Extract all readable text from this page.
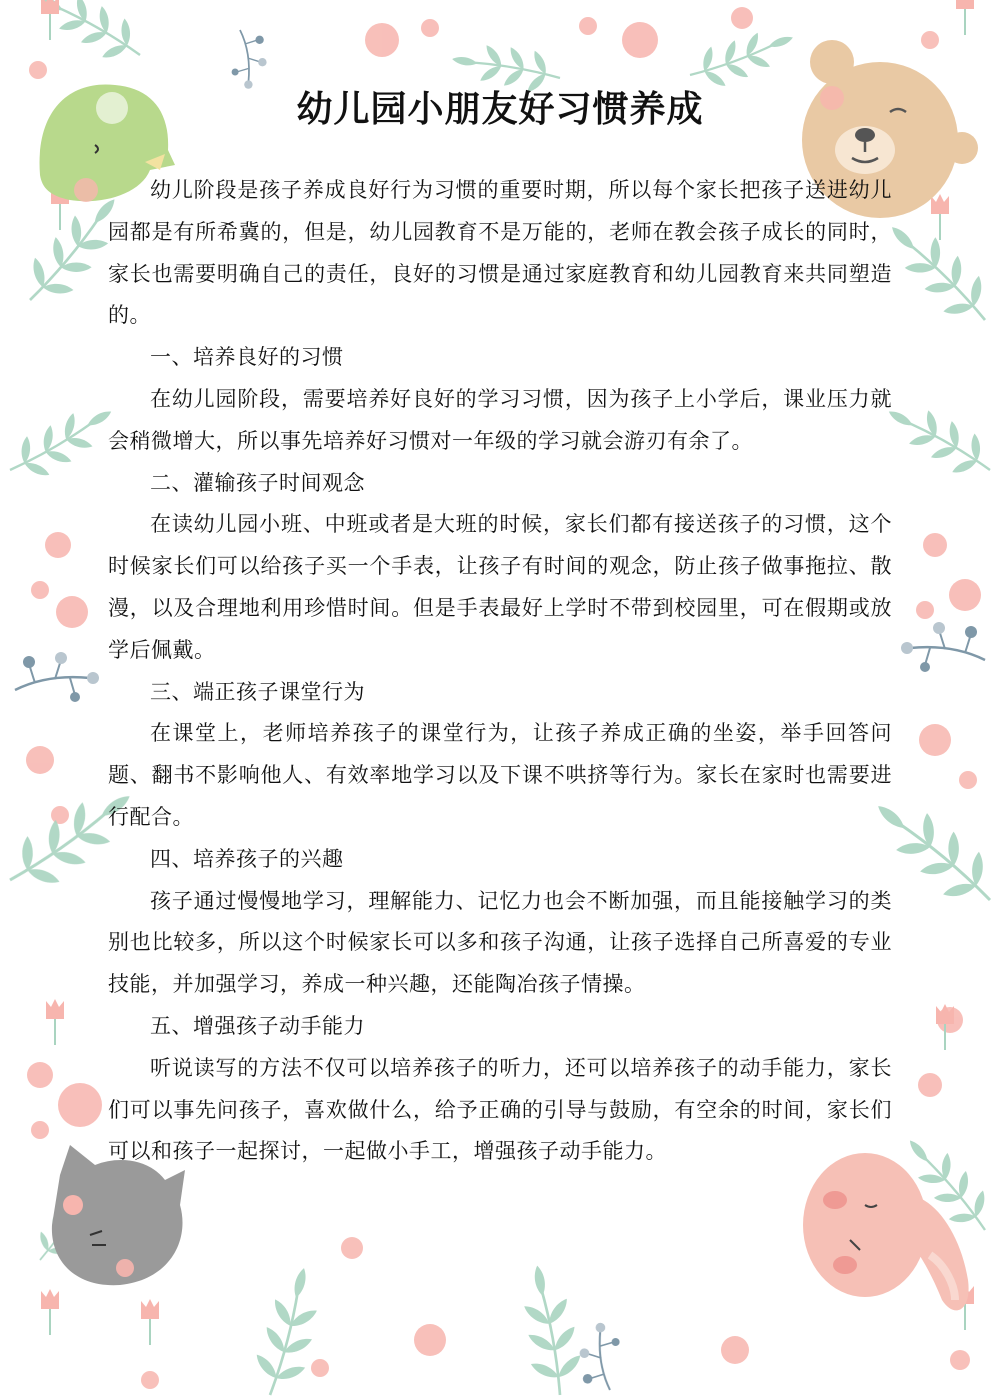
幼儿园小朋友好习惯养成

幼儿阶段是孩子养成良好行为习惯的重要时期，所以每个家长把孩子送进幼儿园都是有所希冀的，但是，幼儿园教育不是万能的，老师在教会孩子成长的同时，家长也需要明确自己的责任，良好的习惯是通过家庭教育和幼儿园教育来共同塑造的。

一、培养良好的习惯

在幼儿园阶段，需要培养好良好的学习习惯，因为孩子上小学后，课业压力就会稍微增大，所以事先培养好习惯对一年级的学习就会游刃有余了。

二、灌输孩子时间观念

在读幼儿园小班、中班或者是大班的时候，家长们都有接送孩子的习惯，这个时候家长们可以给孩子买一个手表，让孩子有时间的观念，防止孩子做事拖拉、散漫，以及合理地利用珍惜时间。但是手表最好上学时不带到校园里，可在假期或放学后佩戴。

三、端正孩子课堂行为

在课堂上，老师培养孩子的课堂行为，让孩子养成正确的坐姿，举手回答问题、翻书不影响他人、有效率地学习以及下课不哄挤等行为。家长在家时也需要进行配合。

四、培养孩子的兴趣

孩子通过慢慢地学习，理解能力、记忆力也会不断加强，而且能接触学习的类别也比较多，所以这个时候家长可以多和孩子沟通，让孩子选择自己所喜爱的专业技能，并加强学习，养成一种兴趣，还能陶冶孩子情操。

五、增强孩子动手能力

听说读写的方法不仅可以培养孩子的听力，还可以培养孩子的动手能力，家长们可以事先问孩子，喜欢做什么，给予正确的引导与鼓励，有空余的时间，家长们可以和孩子一起探讨，一起做小手工，增强孩子动手能力。
